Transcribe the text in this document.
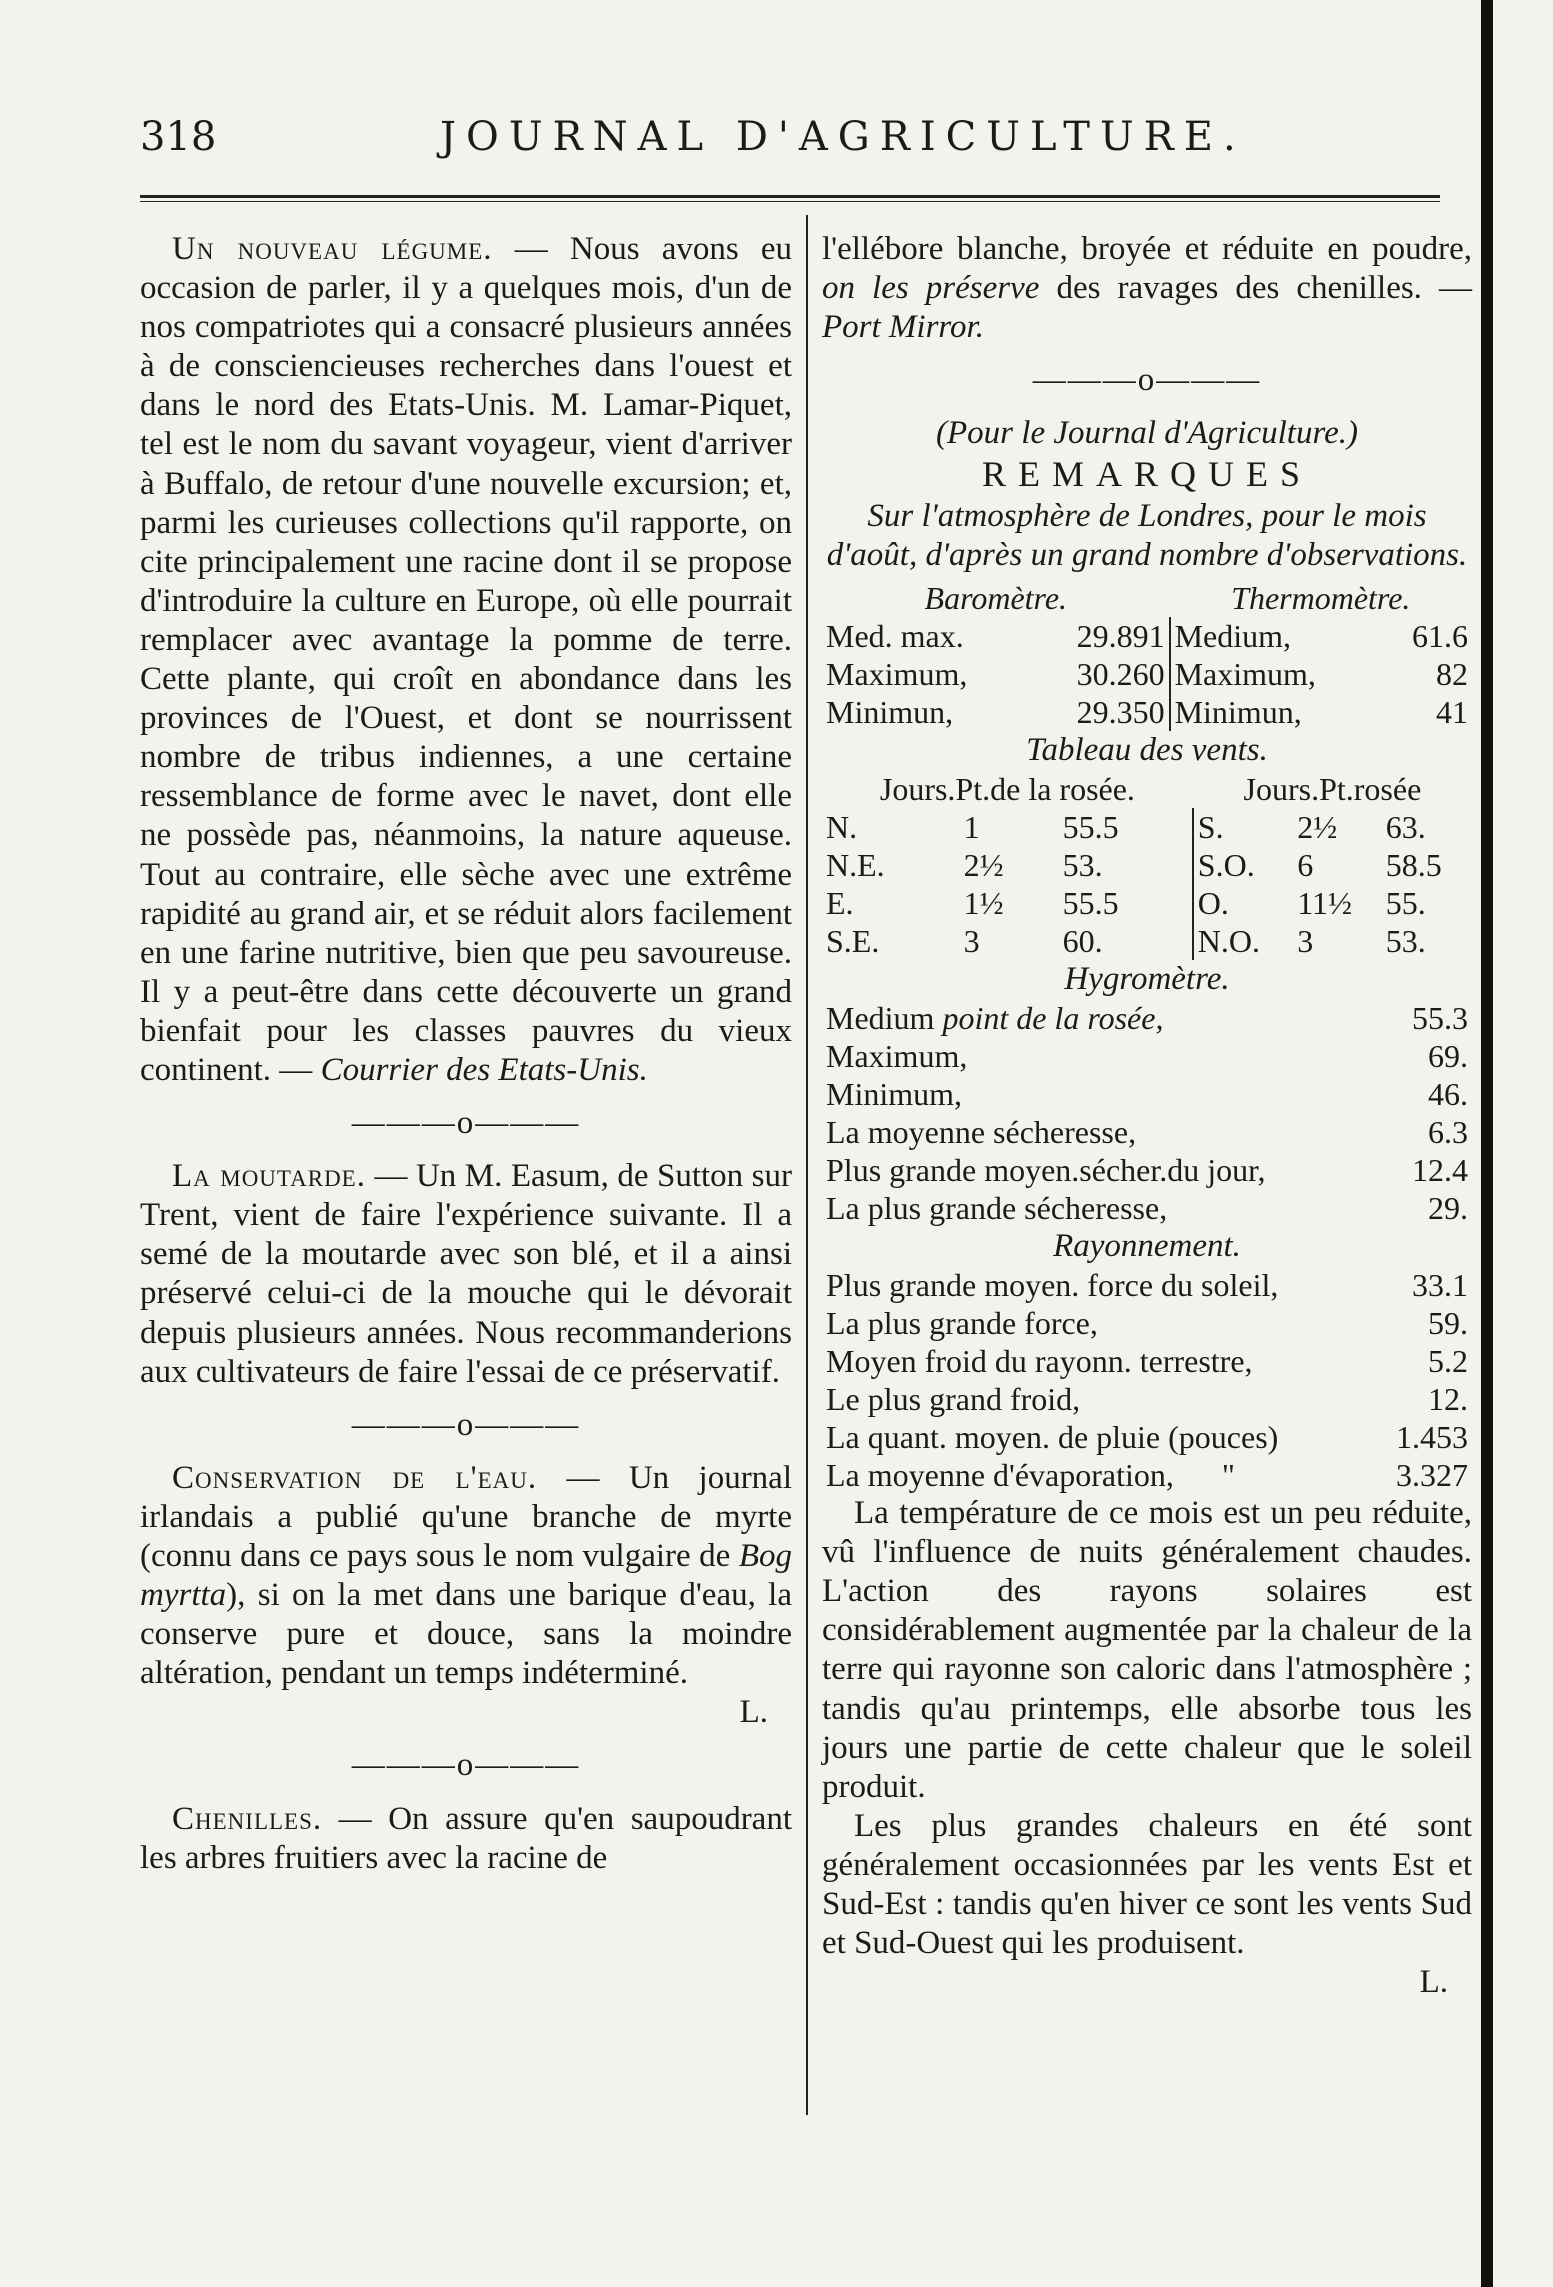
318	JOURNAL D'AGRICULTURE.

Un nouveau légume. — Nous avons eu occasion de parler, il y a quelques mois, d'un de nos compatriotes qui a consacré plusieurs années à de consciencieuses recherches dans l'ouest et dans le nord des Etats-Unis. M. Lamar-Piquet, tel est le nom du savant voyageur, vient d'arriver à Buffalo, de retour d'une nouvelle excursion; et, parmi les curieuses collections qu'il rapporte, on cite principalement une racine dont il se propose d'introduire la culture en Europe, où elle pourrait remplacer avec avantage la pomme de terre. Cette plante, qui croît en abondance dans les provinces de l'Ouest, et dont se nourrissent nombre de tribus indiennes, a une certaine ressemblance de forme avec le navet, dont elle ne possède pas, néanmoins, la nature aqueuse. Tout au contraire, elle sèche avec une extrême rapidité au grand air, et se réduit alors facilement en une farine nutritive, bien que peu savoureuse. Il y a peut-être dans cette découverte un grand bienfait pour les classes pauvres du vieux continent. — Courrier des Etats-Unis.

———o———

La moutarde. — Un M. Easum, de Sutton sur Trent, vient de faire l'expérience suivante. Il a semé de la moutarde avec son blé, et il a ainsi préservé celui-ci de la mouche qui le dévorait depuis plusieurs années. Nous recommanderions aux cultivateurs de faire l'essai de ce préservatif.

———o———

Conservation de l'eau. — Un journal irlandais a publié qu'une branche de myrte (connu dans ce pays sous le nom vulgaire de Bog myrtta), si on la met dans une barique d'eau, la conserve pure et douce, sans la moindre altération, pendant un temps indéterminé.

L.
———o———

Chenilles. — On assure qu'en saupoudrant les arbres fruitiers avec la racine de

l'ellébore blanche, broyée et réduite en poudre, on les préserve des ravages des chenilles. — Port Mirror.

———o———
(Pour le Journal d'Agriculture.)
REMARQUES
Sur l'atmosphère de Londres, pour le mois d'août, d'après un grand nombre d'observations.
Baromètre.		Thermomètre.	
Med. max.	29.891	Medium,	61.6
Maximum,	30.260	Maximum,	82
Minimun,	29.350	Minimun,	41
Tableau des vents.
Jours.Pt.de la rosée.			Jours.Pt.rosée		
N.	1	55.5	S.	2½	63.
N.E.	2½	53.	S.O.	6	58.5
E.	1½	55.5	O.	11½	55.
S.E.	3	60.	N.O.	3	53.
Hygromètre.
Medium point de la rosée,	55.3
Maximum,	69.
Minimum,	46.
La moyenne sécheresse,	6.3
Plus grande moyen.sécher.du jour,	12.4
La plus grande sécheresse,	29.
Rayonnement.
Plus grande moyen. force du soleil,	33.1
La plus grande force,	59.
Moyen froid du rayonn. terrestre,	5.2
Le plus grand froid,	12.
La quant. moyen. de pluie (pouces)	1.453
La moyenne d'évaporation,      "	3.327

La température de ce mois est un peu réduite, vû l'influence de nuits généralement chaudes. L'action des rayons solaires est considérablement augmentée par la chaleur de la terre qui rayonne son caloric dans l'atmosphère ; tandis qu'au printemps, elle absorbe tous les jours une partie de cette chaleur que le soleil produit.

Les plus grandes chaleurs en été sont généralement occasionnées par les vents Est et Sud-Est : tandis qu'en hiver ce sont les vents Sud et Sud-Ouest qui les produisent.

L.
